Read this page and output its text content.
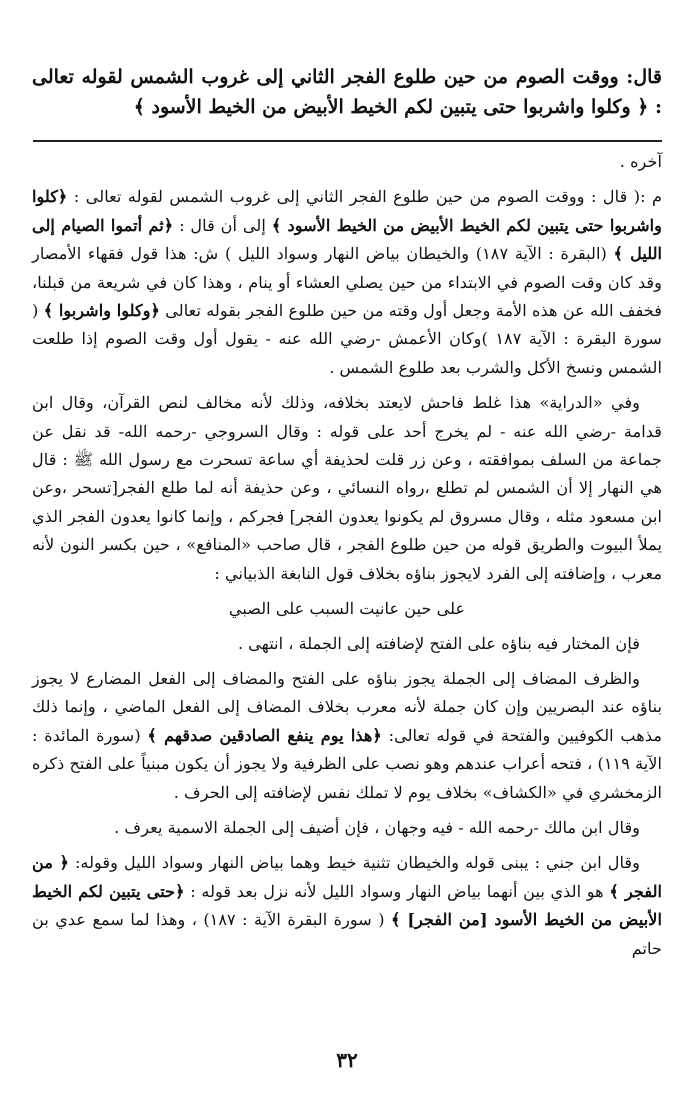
قال: ووقت الصوم من حين طلوع الفجر الثاني إلى غروب الشمس لقوله تعالى : ﴿ وكلوا واشربوا حتى يتبين لكم الخيط الأبيض من الخيط الأسود ﴾

آخره .

م :( قال : ووقت الصوم من حين طلوع الفجر الثاني إلى غروب الشمس لقوله تعالى : ﴿كلوا واشربوا حتى يتبين لكم الخيط الأبيض من الخيط الأسود ﴾ إلى أن قال : ﴿ثم أتموا الصيام إلى الليل ﴾ (البقرة : الآية ١٨٧) والخيطان بياض النهار وسواد الليل ) ش: هذا قول فقهاء الأمصار وقد كان وقت الصوم في الابتداء من حين يصلي العشاء أو ينام ، وهذا كان في شريعة من قبلنا، فخفف الله عن هذه الأمة وجعل أول وقته من حين طلوع الفجر بقوله تعالى ﴿وكلوا واشربوا ﴾ ( سورة البقرة : الآية ١٨٧ )وكان الأعمش -رضي الله عنه - يقول أول وقت الصوم إذا طلعت الشمس ونسخ الأكل والشرب بعد طلوع الشمس .

وفي «الدراية» هذا غلط فاحش لايعتد بخلافه، وذلك لأنه مخالف لنص القرآن، وقال ابن قدامة -رضي الله عنه - لم يخرج أحد على قوله : وقال السروجي -رحمه الله- قد نقل عن جماعة من السلف بموافقته ، وعن زر قلت لحذيفة أي ساعة تسحرت مع رسول الله ﷺ : قال هي النهار إلا أن الشمس لم تطلع ،رواه النسائي ، وعن حذيفة أنه لما طلع الفجر[تسحر ،وعن ابن مسعود مثله ، وقال مسروق لم يكونوا يعدون الفجر] فجركم ، وإنما كانوا يعدون الفجر الذي يملأ البيوت والطريق قوله من حين طلوع الفجر ، قال صاحب «المنافع» ، حين بكسر النون لأنه معرب ، وإضافته إلى الفرد لايجوز بناؤه بخلاف قول النابغة الذبياني :

على حين عانيت السبب على الصبي

فإن المختار فيه بناؤه على الفتح لإضافته إلى الجملة ، انتهى .

والظرف المضاف إلى الجملة يجوز بناؤه على الفتح والمضاف إلى الفعل المضارع لا يجوز بناؤه عند البصريين وإن كان جملة لأنه معرب بخلاف المضاف إلى الفعل الماضي ، وإنما ذلك مذهب الكوفيين والفتحة في قوله تعالى: ﴿هذا يوم ينفع الصادقين صدقهم ﴾ (سورة المائدة : الآية ١١٩) ، فتحه أعراب عندهم وهو نصب على الظرفية ولا يجوز أن يكون مبنياً على الفتح ذكره الزمخشري في «الكشاف» بخلاف يوم لا تملك نفس لإضافته إلى الحرف .

وقال ابن مالك -رحمه الله - فيه وجهان ، فإن أضيف إلى الجملة الاسمية يعرف .

وقال ابن جني : يبنى قوله والخيطان تثنية خيط وهما بياض النهار وسواد الليل وقوله: ﴿ من الفجر ﴾ هو الذي بين أنهما بياض النهار وسواد الليل لأنه نزل بعد قوله : ﴿حتى يتبين لكم الخيط الأبيض من الخيط الأسود [من الفجر] ﴾ ( سورة البقرة الآية : ١٨٧) ، وهذا لما سمع عدي بن حاتم

٣٢
